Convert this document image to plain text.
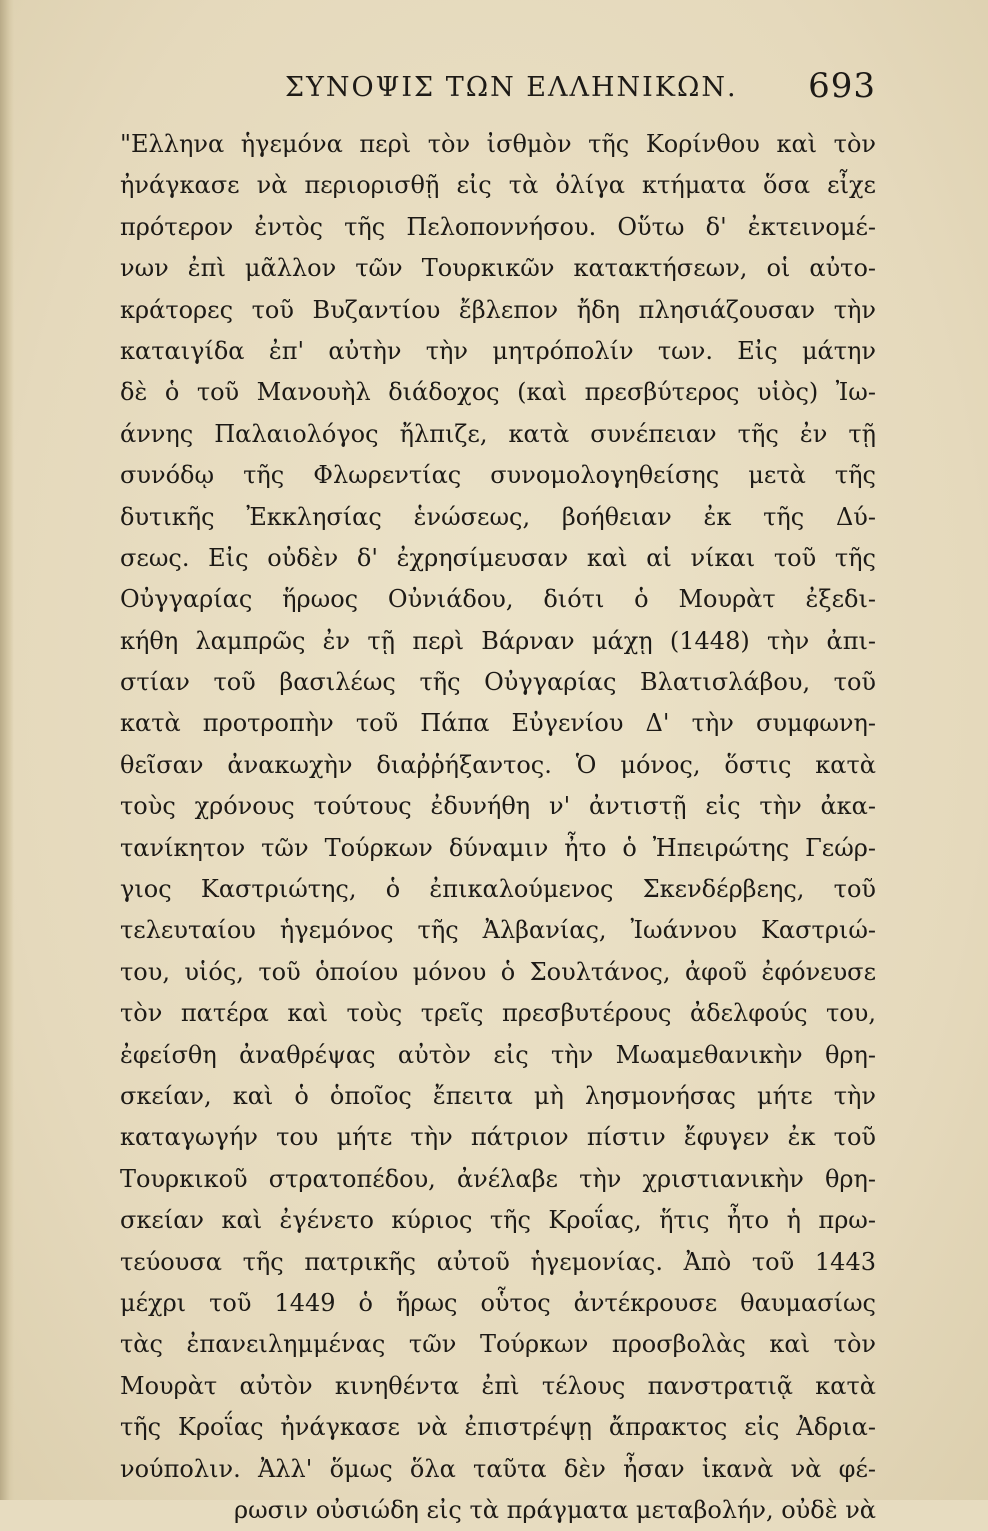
ΣΥΝΟΨΙΣ ΤΩΝ ΕΛΛΗΝΙΚΩΝ. 693
"Ελληνα ἡγεμόνα περὶ τὸν ἰσθμὸν τῆς Κορίνθου καὶ τὸν
ἠνάγκασε νὰ περιορισθῇ εἰς τὰ ὀλίγα κτήματα ὅσα εἶχε
πρότερον ἐντὸς τῆς Πελοποννήσου. Οὕτω δ' ἐκτεινομέ-
νων ἐπὶ μᾶλλον τῶν Τουρκικῶν κατακτήσεων, οἱ αὐτο-
κράτορες τοῦ Βυζαντίου ἔβλεπον ἤδη πλησιάζουσαν τὴν
καταιγίδα ἐπ' αὐτὴν τὴν μητρόπολίν των. Εἰς μάτην
δὲ ὁ τοῦ Μανουὴλ διάδοχος (καὶ πρεσβύτερος υἱὸς) Ἰω-
άννης Παλαιολόγος ἤλπιζε, κατὰ συνέπειαν τῆς ἐν τῇ
συνόδῳ τῆς Φλωρεντίας συνομολογηθείσης μετὰ τῆς
δυτικῆς Ἐκκλησίας ἑνώσεως, βοήθειαν ἐκ τῆς Δύ-
σεως. Εἰς οὐδὲν δ' ἐχρησίμευσαν καὶ αἱ νίκαι τοῦ τῆς
Οὐγγαρίας ἥρωος Οὐνιάδου, διότι ὁ Μουρὰτ ἐξεδι-
κήθη λαμπρῶς ἐν τῇ περὶ Βάρναν μάχῃ (1448) τὴν ἀπι-
στίαν τοῦ βασιλέως τῆς Οὐγγαρίας Βλατισλάβου, τοῦ
κατὰ προτροπὴν τοῦ Πάπα Εὐγενίου Δ' τὴν συμφωνη-
θεῖσαν ἀνακωχὴν διαῤῥήξαντος. Ὁ μόνος, ὅστις κατὰ
τοὺς χρόνους τούτους ἐδυνήθη ν' ἀντιστῇ εἰς τὴν ἀκα-
τανίκητον τῶν Τούρκων δύναμιν ἦτο ὁ Ἠπειρώτης Γεώρ-
γιος Καστριώτης, ὁ ἐπικαλούμενος Σκενδέρβεης, τοῦ
τελευταίου ἡγεμόνος τῆς Ἀλβανίας, Ἰωάννου Καστριώ-
του, υἱός, τοῦ ὁποίου μόνου ὁ Σουλτάνος, ἀφοῦ ἐφόνευσε
τὸν πατέρα καὶ τοὺς τρεῖς πρεσβυτέρους ἀδελφούς του,
ἐφείσθη ἀναθρέψας αὐτὸν εἰς τὴν Μωαμεθανικὴν θρη-
σκείαν, καὶ ὁ ὁποῖος ἔπειτα μὴ λησμονήσας μήτε τὴν
καταγωγήν του μήτε τὴν πάτριον πίστιν ἔφυγεν ἐκ τοῦ
Τουρκικοῦ στρατοπέδου, ἀνέλαβε τὴν χριστιανικὴν θρη-
σκείαν καὶ ἐγένετο κύριος τῆς Κροΐας, ἥτις ἦτο ἡ πρω-
τεύουσα τῆς πατρικῆς αὐτοῦ ἡγεμονίας. Ἀπὸ τοῦ 1443
μέχρι τοῦ 1449 ὁ ἥρως οὗτος ἀντέκρουσε θαυμασίως
τὰς ἐπανειλημμένας τῶν Τούρκων προσβολὰς καὶ τὸν
Μουρὰτ αὐτὸν κινηθέντα ἐπὶ τέλους πανστρατιᾷ κατὰ
τῆς Κροΐας ἠνάγκασε νὰ ἐπιστρέψῃ ἄπρακτος εἰς Ἀδρια-
νούπολιν. Ἀλλ' ὅμως ὅλα ταῦτα δὲν ἦσαν ἱκανὰ νὰ φέ-
ρωσιν οὐσιώδη εἰς τὰ πράγματα μεταβολήν, οὐδὲ νὰ
